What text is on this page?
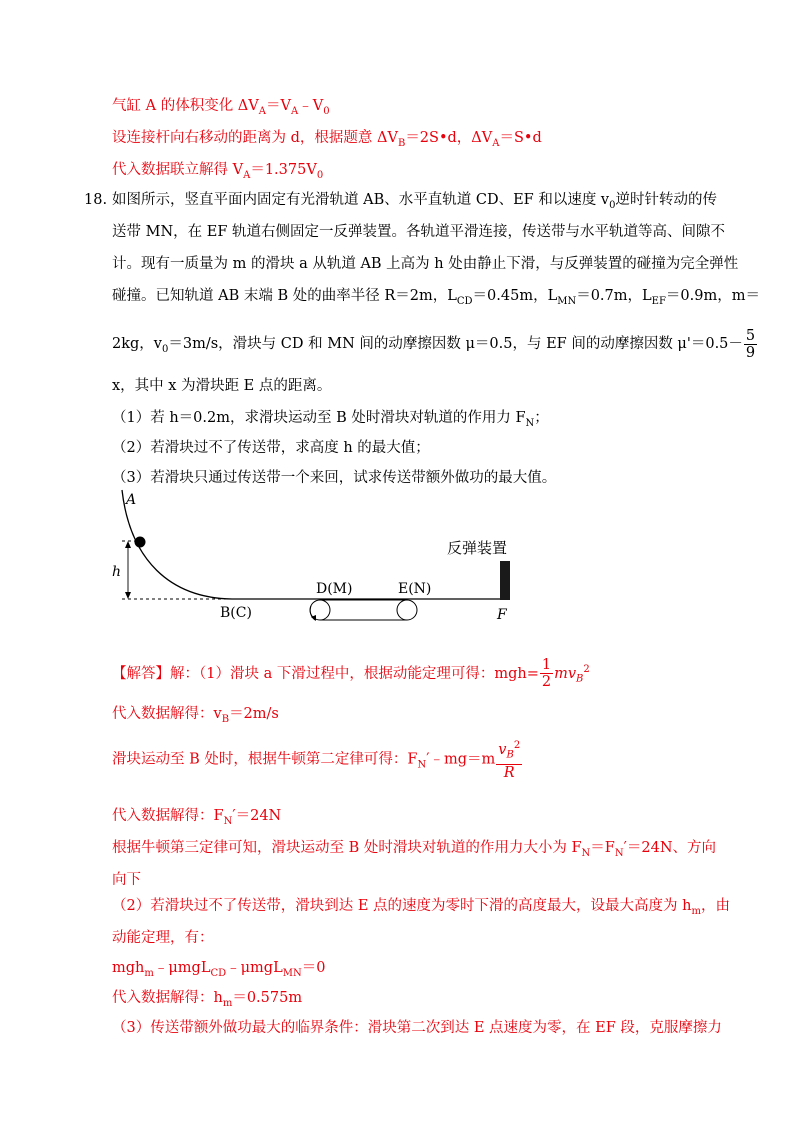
气缸 A 的体积变化 $\Delta V_A=V_A﹣V_0$
设连接杆向右移动的距离为 d，根据题意 $\Delta V_B=2S•d$，$\Delta V_A=S•d$
代入数据联立解得 $V_A=1.375V_0$
18. 如图所示，竖直平面内固定有光滑轨道 AB、水平直轨道 CD、EF 和以速度 $v_0$逆时针转动的传
送带 MN，在 EF 轨道右侧固定一反弹装置。各轨道平滑连接，传送带与水平轨道等高、间隙不
计。现有一质量为 m 的滑块 a 从轨道 AB 上高为 h 处由静止下滑，与反弹装置的碰撞为完全弹性
碰撞。已知轨道 AB 末端 B 处的曲率半径 R＝2m，$L_{CD}=0.45m$，$L_{MN}=0.7m$，$L_{EF}=0.9m$，m＝
2kg，$v_0=3m/s$，滑块与 CD 和 MN 间的动摩擦因数 μ＝0.5，与 EF 间的动摩擦因数 $\mu'=0.5- \frac{5}{9}$
x，其中 x 为滑块距 E 点的距离。
（1）若 h＝0.2m，求滑块运动至 B 处时滑块对轨道的作用力 $F_N$；
（2）若滑块过不了传送带，求高度 h 的最大值；
（3）若滑块只通过传送带一个来回，试求传送带额外做功的最大值。
A
h
B(C)
D(M)	E(N)
F
反弹装置
【解答】解：（1）滑块 a 下滑过程中，根据动能定理可得：$mgh= \frac{1}{2} mv_B^2$
代入数据解得：$v_B=2m/s$
滑块运动至 B 处时，根据牛顿第二定律可得：$F_N'﹣mg=m \frac{v_B^2}{R}$
代入数据解得：$F_N'=24N$
根据牛顿第三定律可知，滑块运动至 B 处时滑块对轨道的作用力大小为 $F_N=F_N'=24N$、方向
向下
（2）若滑块过不了传送带，滑块到达 E 点的速度为零时下滑的高度最大，设最大高度为 $h_m$，由
动能定理，有：
mgh$_m$﹣μmgL$_{CD}$﹣μmgL$_{MN}$＝0
代入数据解得：$h_m=0.575m$
（3）传送带额外做功最大的临界条件：滑块第二次到达 E 点速度为零，在 EF 段，克服摩擦力
